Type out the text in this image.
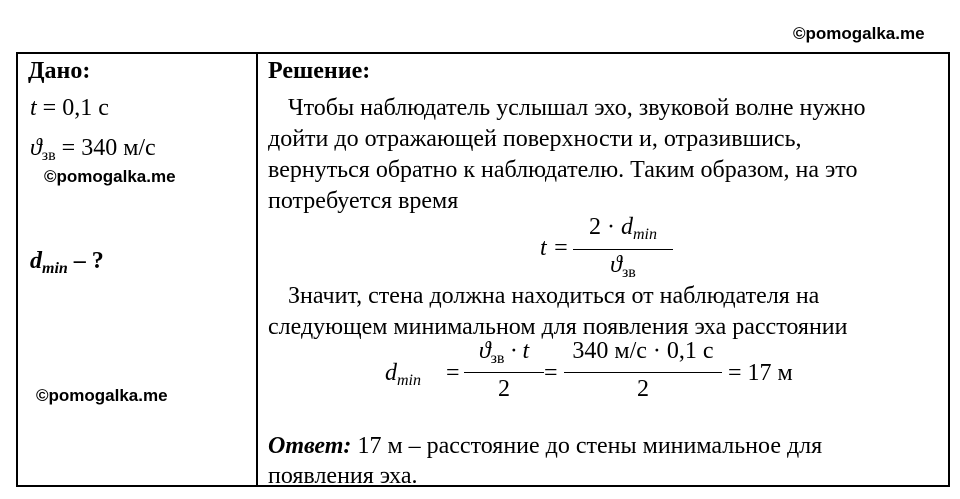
©pomogalka.me
Дано:
t = 0,1 с
$ϑ_{зв} = 340$ м/с
$d_{min}$ – ?

Решение:
Чтобы наблюдатель услышал эхо, звуковой волне нужно
дойти до отражающей поверхности и, отразившись,
вернуться обратно к наблюдателю. Таким образом, на это
потребуется время
t =
$2 \cdot d_{min}$
$ϑ_{зв}$
Значит, стена должна находиться от наблюдателя на
следующем минимальном для появления эха расстоянии
$d_{min}$ =
$ϑ_{зв} \cdot t$
2
=
340 м/с · 0,1 с
2
= 17 м
Ответ: 17 м – расстояние до стены минимальное для
появления эха.
©pomogalka.me
©pomogalka.me
